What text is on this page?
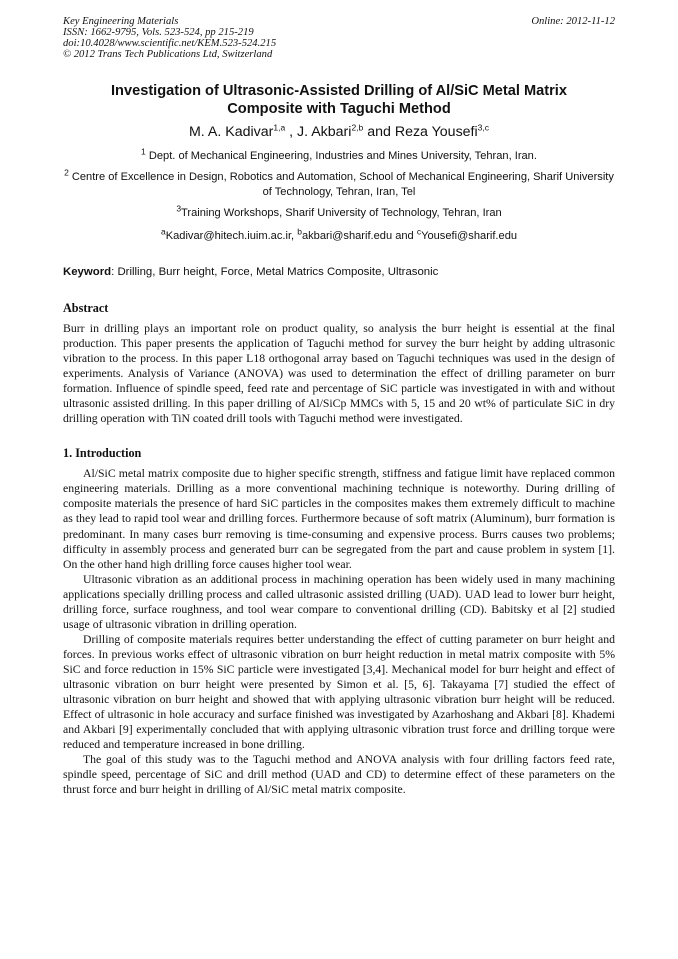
Key Engineering Materials
ISSN: 1662-9795, Vols. 523-524, pp 215-219
doi:10.4028/www.scientific.net/KEM.523-524.215
© 2012 Trans Tech Publications Ltd, Switzerland
Online: 2012-11-12
Investigation of Ultrasonic-Assisted Drilling of Al/SiC Metal Matrix Composite with Taguchi Method
M. A. Kadivar$^{1,a}$ , J. Akbari$^{2,b}$ and Reza Yousefi$^{3,c}$
$^1$ Dept. of Mechanical Engineering, Industries and Mines University, Tehran, Iran.
$^2$ Centre of Excellence in Design, Robotics and Automation, School of Mechanical Engineering, Sharif University of Technology, Tehran, Iran, Tel
$^3$Training Workshops, Sharif University of Technology, Tehran, Iran
$^a$Kadivar@hitech.iuim.ac.ir, $^b$akbari@sharif.edu and $^c$Yousefi@sharif.edu
Keyword: Drilling, Burr height, Force, Metal Matrics Composite, Ultrasonic
Abstract
Burr in drilling plays an important role on product quality, so analysis the burr height is essential at the final production. This paper presents the application of Taguchi method for survey the burr height by adding ultrasonic vibration to the process. In this paper L18 orthogonal array based on Taguchi techniques was used in the design of experiments. Analysis of Variance (ANOVA) was used to determination the effect of drilling parameter on burr formation. Influence of spindle speed, feed rate and percentage of SiC particle was investigated in with and without ultrasonic assisted drilling. In this paper drilling of Al/SiCp MMCs with 5, 15 and 20 wt% of particulate SiC in dry drilling operation with TiN coated drill tools with Taguchi method were investigated.
1. Introduction
Al/SiC metal matrix composite due to higher specific strength, stiffness and fatigue limit have replaced common engineering materials. Drilling as a more conventional machining technique is noteworthy. During drilling of composite materials the presence of hard SiC particles in the composites makes them extremely difficult to machine as they lead to rapid tool wear and drilling forces. Furthermore because of soft matrix (Aluminum), burr formation is predominant. In many cases burr removing is time-consuming and expensive process. Burrs causes two problems; difficulty in assembly process and generated burr can be segregated from the part and cause problem in system [1]. On the other hand high drilling force causes higher tool wear.
Ultrasonic vibration as an additional process in machining operation has been widely used in many machining applications specially drilling process and called ultrasonic assisted drilling (UAD). UAD lead to lower burr height, drilling force, surface roughness, and tool wear compare to conventional drilling (CD). Babitsky et al [2] studied usage of ultrasonic vibration in drilling operation.
Drilling of composite materials requires better understanding the effect of cutting parameter on burr height and forces. In previous works effect of ultrasonic vibration on burr height reduction in metal matrix composite with 5% SiC and force reduction in 15% SiC particle were investigated [3,4]. Mechanical model for burr height and effect of ultrasonic vibration on burr height were presented by Simon et al. [5, 6]. Takayama [7] studied the effect of ultrasonic vibration on burr height and showed that with applying ultrasonic vibration burr height will be reduced. Effect of ultrasonic in hole accuracy and surface finished was investigated by Azarhoshang and Akbari [8]. Khademi and Akbari [9] experimentally concluded that with applying ultrasonic vibration trust force and drilling torque were reduced and temperature increased in bone drilling.
The goal of this study was to the Taguchi method and ANOVA analysis with four drilling factors feed rate, spindle speed, percentage of SiC and drill method (UAD and CD) to determine effect of these parameters on the thrust force and burr height in drilling of Al/SiC metal matrix composite.
